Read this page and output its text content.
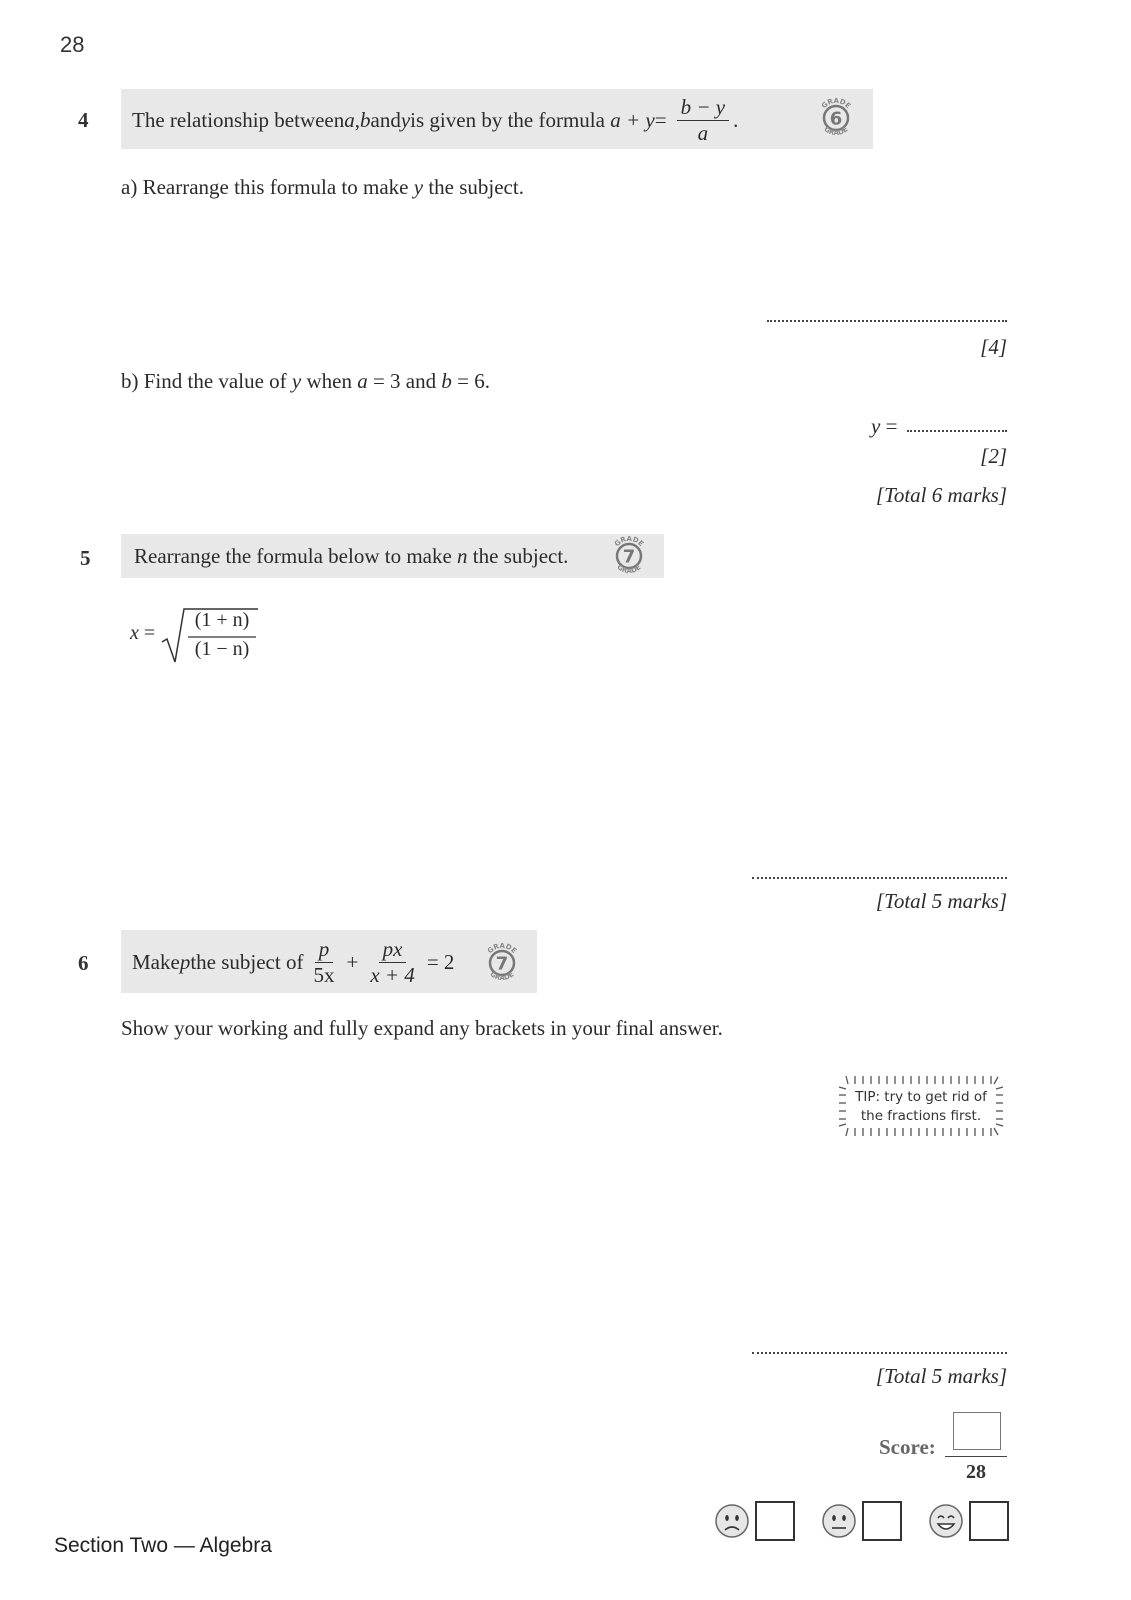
28
4 The relationship between a , b and y is given by the formula
$a + y = \frac{b - y}{a}$ .	6
GRADE
GRADE
a) Rearrange this formula to make y the subject.
[4]
b) Find the value of y when a = 3 and b = 6.
y =
[2]
[Total 6 marks]
5 Rearrange the formula below to make n the subject.	7
GRADE
GRADE
x =
(1 + n)
(1 − n)
[Total 5 marks]
6 Make p the subject of $\frac{p}{5x} + \frac{px}{x + 4} = 2$ 7
GRADE
GRADE
Show your working and fully expand any brackets in your final answer.
TIP: try to get rid of
the fractions first.
[Total 5 marks]
Score:
28
Section Two — Algebra
